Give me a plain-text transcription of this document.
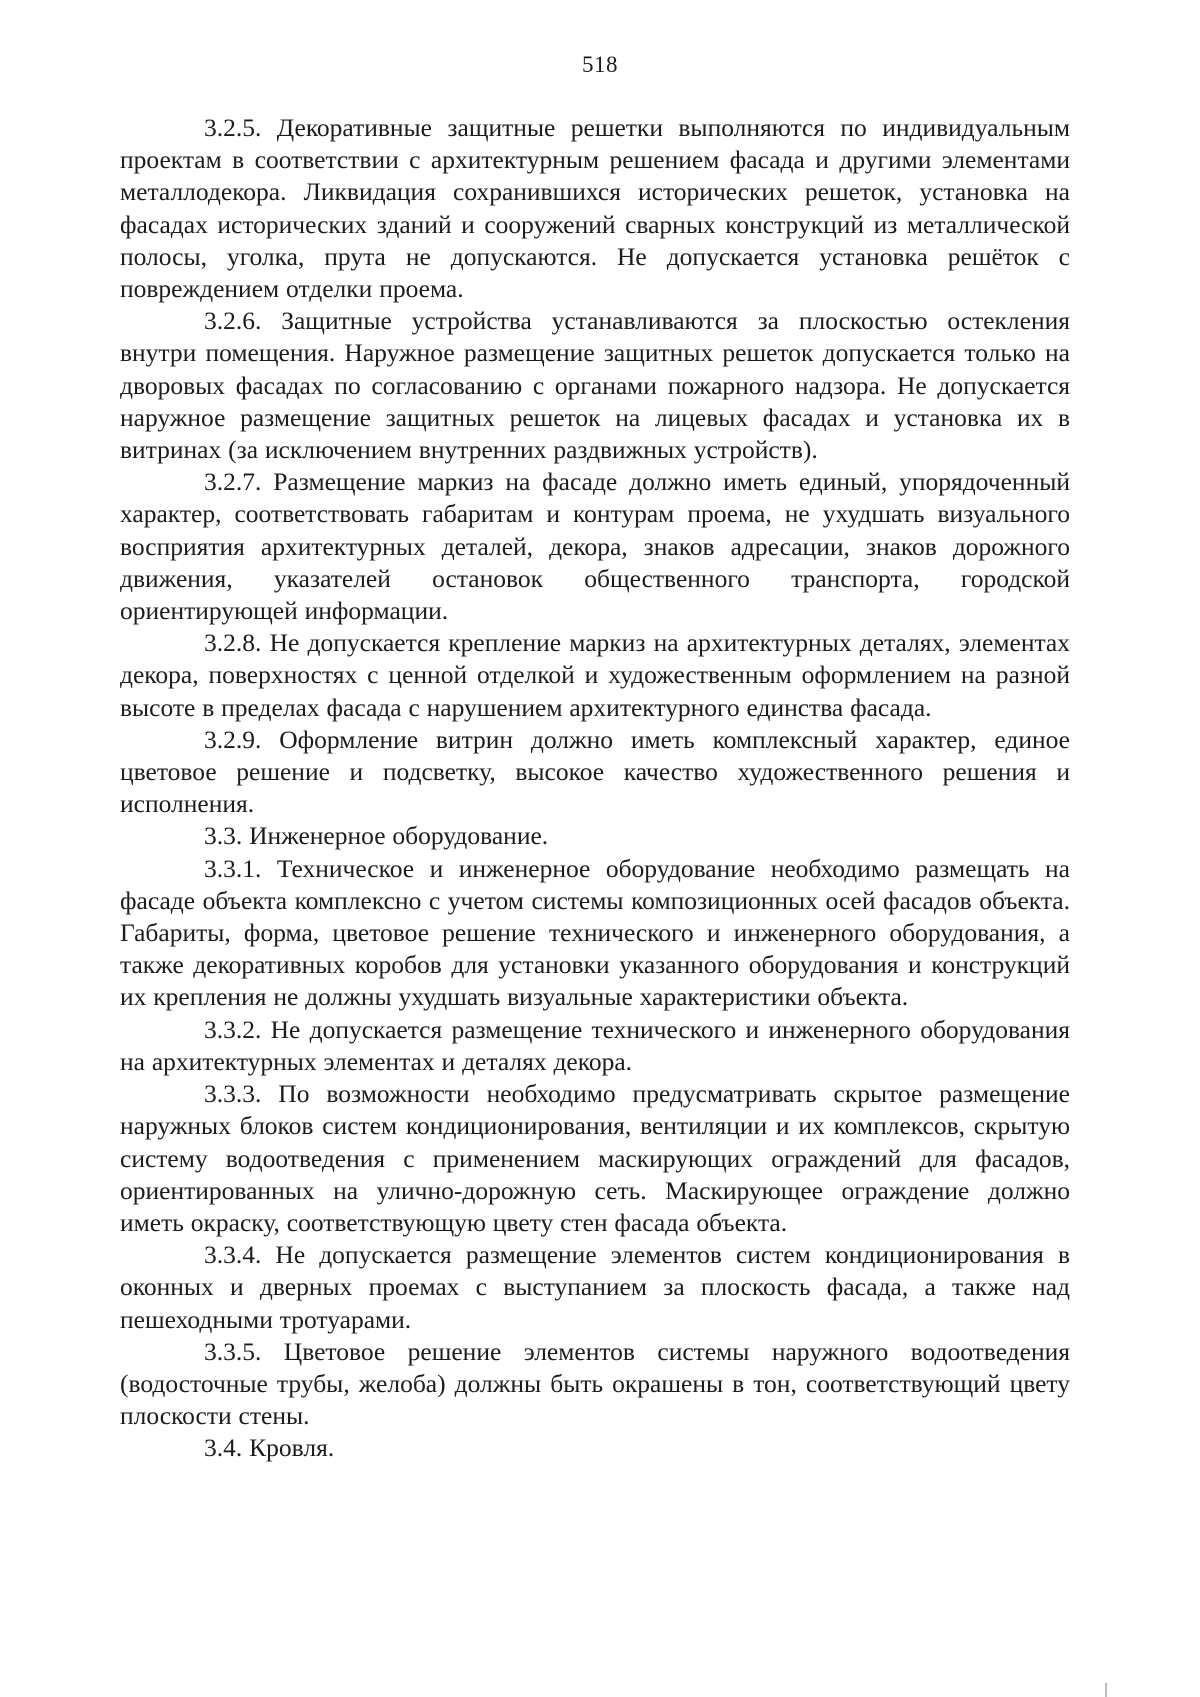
518

3.2.5. Декоративные защитные решетки выполняются по индивидуальным проектам в соответствии с архитектурным решением фасада и другими элементами металлодекора. Ликвидация сохранившихся исторических решеток, установка на фасадах исторических зданий и сооружений сварных конструкций из металлической полосы, уголка, прута не допускаются. Не допускается установка решёток с повреждением отделки проема.

3.2.6. Защитные устройства устанавливаются за плоскостью остекления внутри помещения. Наружное размещение защитных решеток допускается только на дворовых фасадах по согласованию с органами пожарного надзора. Не допускается наружное размещение защитных решеток на лицевых фасадах и установка их в витринах (за исключением внутренних раздвижных устройств).

3.2.7. Размещение маркиз на фасаде должно иметь единый, упорядоченный характер, соответствовать габаритам и контурам проема, не ухудшать визуального восприятия архитектурных деталей, декора, знаков адресации, знаков дорожного движения, указателей остановок общественного транспорта, городской ориентирующей информации.

3.2.8. Не допускается крепление маркиз на архитектурных деталях, элементах декора, поверхностях с ценной отделкой и художественным оформлением на разной высоте в пределах фасада с нарушением архитектурного единства фасада.

3.2.9. Оформление витрин должно иметь комплексный характер, единое цветовое решение и подсветку, высокое качество художественного решения и исполнения.

3.3. Инженерное оборудование.

3.3.1. Техническое и инженерное оборудование необходимо размещать на фасаде объекта комплексно с учетом системы композиционных осей фасадов объекта. Габариты, форма, цветовое решение технического и инженерного оборудования, а также декоративных коробов для установки указанного оборудования и конструкций их крепления не должны ухудшать визуальные характеристики объекта.

3.3.2. Не допускается размещение технического и инженерного оборудования на архитектурных элементах и деталях декора.

3.3.3. По возможности необходимо предусматривать скрытое размещение наружных блоков систем кондиционирования, вентиляции и их комплексов, скрытую систему водоотведения с применением маскирующих ограждений для фасадов, ориентированных на улично-дорожную сеть. Маскирующее ограждение должно иметь окраску, соответствующую цвету стен фасада объекта.

3.3.4. Не допускается размещение элементов систем кондиционирования в оконных и дверных проемах с выступанием за плоскость фасада, а также над пешеходными тротуарами.

3.3.5. Цветовое решение элементов системы наружного водоотведения (водосточные трубы, желоба) должны быть окрашены в тон, соответствующий цвету плоскости стены.

3.4. Кровля.
